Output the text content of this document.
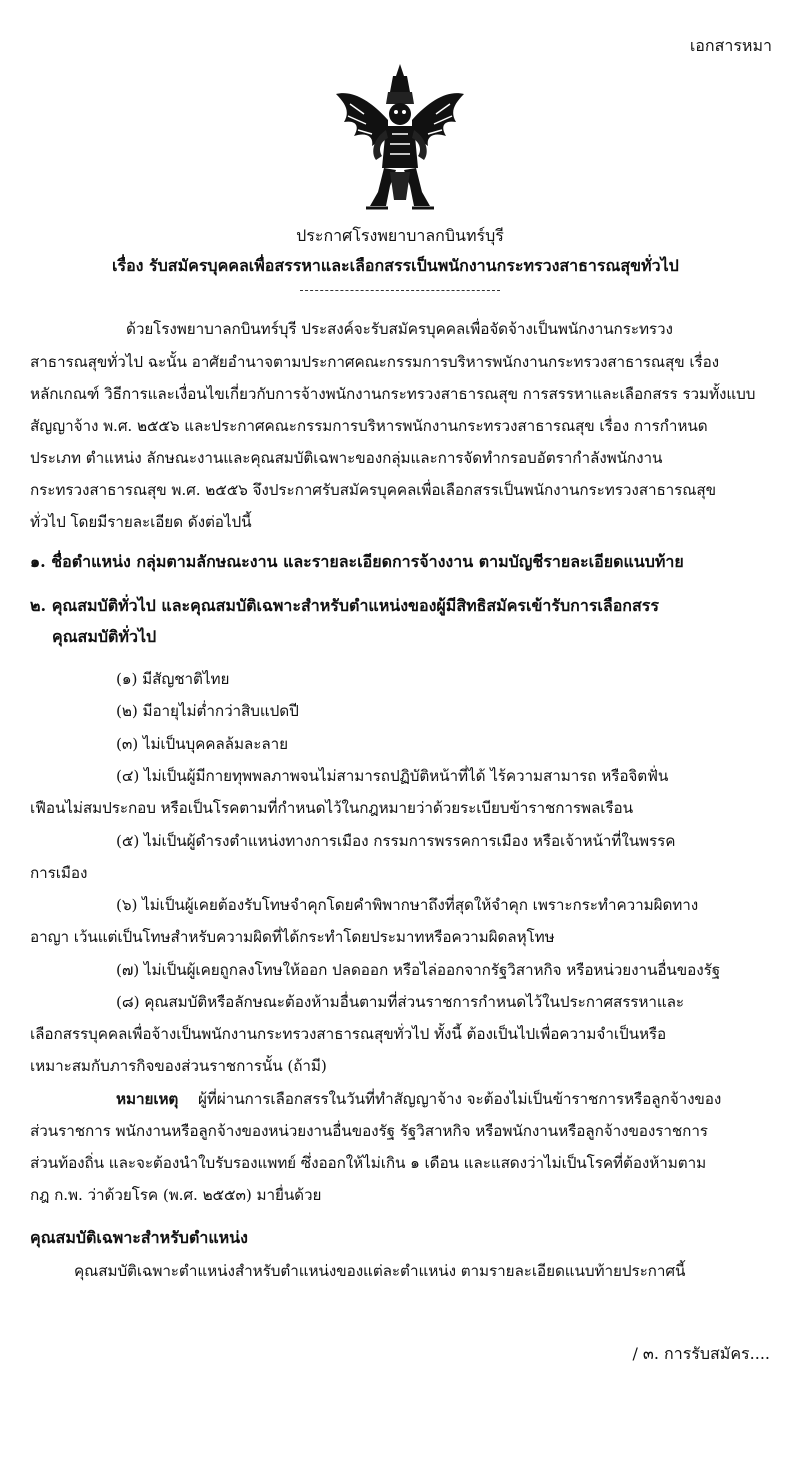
เอกสารหมา
ประกาศโรงพยาบาลกบินทร์บุรี
เรื่อง รับสมัครบุคคลเพื่อสรรหาและเลือกสรรเป็นพนักงานกระทรวงสาธารณสุขทั่วไป
ด้วยโรงพยาบาลกบินทร์บุรี ประสงค์จะรับสมัครบุคคลเพื่อจัดจ้างเป็นพนักงานกระทรวง
สาธารณสุขทั่วไป ฉะนั้น อาศัยอำนาจตามประกาศคณะกรรมการบริหารพนักงานกระทรวงสาธารณสุข เรื่อง
หลักเกณฑ์ วิธีการและเงื่อนไขเกี่ยวกับการจ้างพนักงานกระทรวงสาธารณสุข การสรรหาและเลือกสรร รวมทั้งแบบ
สัญญาจ้าง พ.ศ. ๒๕๕๖ และประกาศคณะกรรมการบริหารพนักงานกระทรวงสาธารณสุข เรื่อง การกำหนด
ประเภท ตำแหน่ง ลักษณะงานและคุณสมบัติเฉพาะของกลุ่มและการจัดทำกรอบอัตรากำลังพนักงาน
กระทรวงสาธารณสุข พ.ศ. ๒๕๕๖ จึงประกาศรับสมัครบุคคลเพื่อเลือกสรรเป็นพนักงานกระทรวงสาธารณสุข
ทั่วไป โดยมีรายละเอียด ดังต่อไปนี้
๑. ชื่อตำแหน่ง กลุ่มตามลักษณะงาน และรายละเอียดการจ้างงาน ตามบัญชีรายละเอียดแนบท้าย
๒. คุณสมบัติทั่วไป และคุณสมบัติเฉพาะสำหรับตำแหน่งของผู้มีสิทธิสมัครเข้ารับการเลือกสรร
คุณสมบัติทั่วไป
(๑) มีสัญชาติไทย
(๒) มีอายุไม่ต่ำกว่าสิบแปดปี
(๓) ไม่เป็นบุคคลล้มละลาย
(๔) ไม่เป็นผู้มีกายทุพพลภาพจนไม่สามารถปฏิบัติหน้าที่ได้ ไร้ความสามารถ หรือจิตฟั่น
เฟือนไม่สมประกอบ หรือเป็นโรคตามที่กำหนดไว้ในกฎหมายว่าด้วยระเบียบข้าราชการพลเรือน
(๕) ไม่เป็นผู้ดำรงตำแหน่งทางการเมือง กรรมการพรรคการเมือง หรือเจ้าหน้าที่ในพรรค
การเมือง
(๖) ไม่เป็นผู้เคยต้องรับโทษจำคุกโดยคำพิพากษาถึงที่สุดให้จำคุก เพราะกระทำความผิดทาง
อาญา เว้นแต่เป็นโทษสำหรับความผิดที่ได้กระทำโดยประมาทหรือความผิดลหุโทษ
(๗) ไม่เป็นผู้เคยถูกลงโทษให้ออก ปลดออก หรือไล่ออกจากรัฐวิสาหกิจ หรือหน่วยงานอื่นของรัฐ
(๘) คุณสมบัติหรือลักษณะต้องห้ามอื่นตามที่ส่วนราชการกำหนดไว้ในประกาศสรรหาและ
เลือกสรรบุคคลเพื่อจ้างเป็นพนักงานกระทรวงสาธารณสุขทั่วไป ทั้งนี้ ต้องเป็นไปเพื่อความจำเป็นหรือ
เหมาะสมกับภารกิจของส่วนราชการนั้น (ถ้ามี)
หมายเหตุ ผู้ที่ผ่านการเลือกสรรในวันที่ทำสัญญาจ้าง จะต้องไม่เป็นข้าราชการหรือลูกจ้างของ
ส่วนราชการ พนักงานหรือลูกจ้างของหน่วยงานอื่นของรัฐ รัฐวิสาหกิจ หรือพนักงานหรือลูกจ้างของราชการ
ส่วนท้องถิ่น และจะต้องนำใบรับรองแพทย์ ซึ่งออกให้ไม่เกิน ๑ เดือน และแสดงว่าไม่เป็นโรคที่ต้องห้ามตาม
กฎ ก.พ. ว่าด้วยโรค (พ.ศ. ๒๕๕๓) มายื่นด้วย
คุณสมบัติเฉพาะสำหรับตำแหน่ง
คุณสมบัติเฉพาะตำแหน่งสำหรับตำแหน่งของแต่ละตำแหน่ง ตามรายละเอียดแนบท้ายประกาศนี้
/ ๓. การรับสมัคร....
